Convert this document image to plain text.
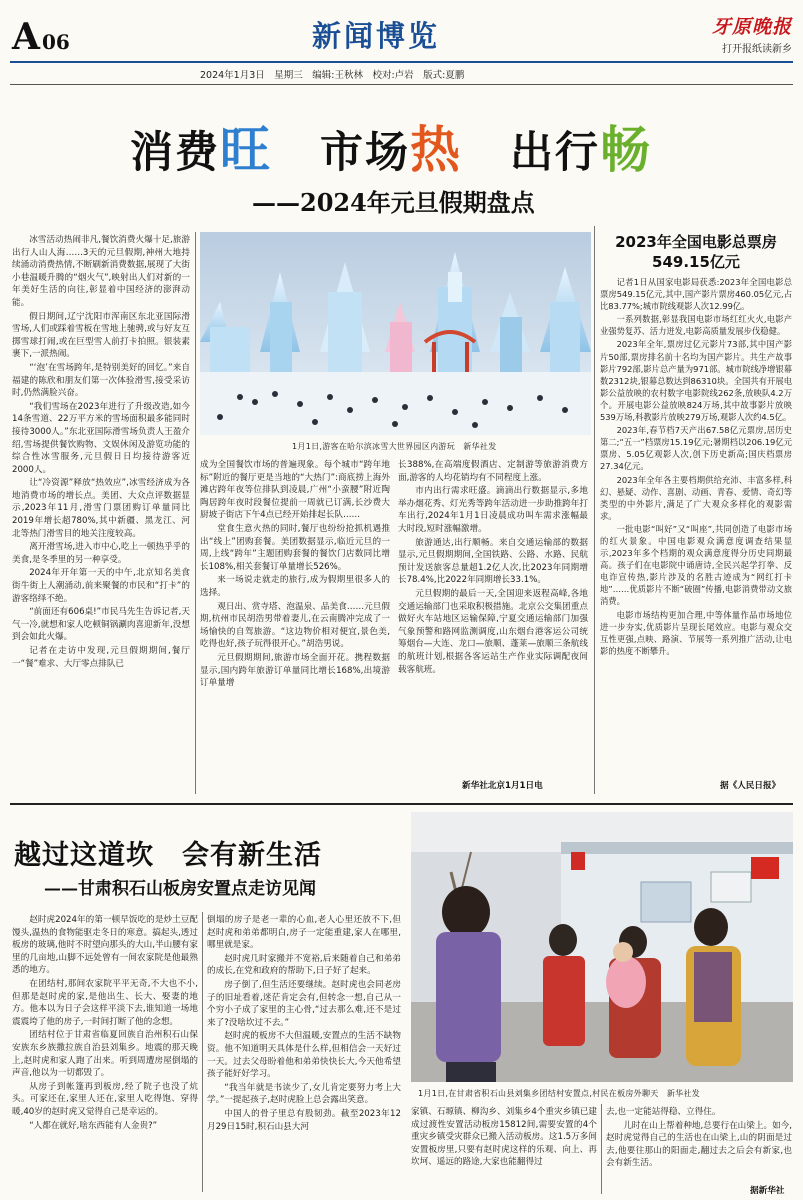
A 06	新闻博览	牙原晚报
打开报纸读新乡
2024年1月3日　星期三　编辑:王秋林　校对:卢岩　版式:夏鹏
消费旺 市场热 出行畅
——2024年元旦假期盘点
1月1日,游客在哈尔滨冰雪大世界园区内游玩　新华社发

冰雪活动热闹非凡,餐饮消费火爆十足,旅游出行人山人海……3天的元旦假期,神州大地持续涌动消费热情,不断刷新消费数据,展现了大街小巷温暖升腾的“烟火气”,映射出人们对新的一年美好生活的向往,彰显着中国经济的澎湃动能。

假日期间,辽宁沈阳市浑南区东北亚国际滑雪场,人们或踩着雪板在雪地上驰骋,或与好友互掷雪球打闹,或在巨型雪人前打卡拍照。银装素裹下,一派热闹。

“‘泡’在雪场跨年,是特别美好的回忆。”来自福建的陈欣和朋友们第一次体验滑雪,接受采访时,仍然满脸兴奋。

“我们雪场在2023年进行了升级改造,如今14条雪道、22万平方米的雪场面积最多能同时接待3000人。”东北亚国际滑雪场负责人王盈介绍,雪场提供餐饮购物、文娱休闲及游览功能的综合性冰雪服务,元旦假日日均接待游客近2000人。

让“冷资源”释放“热效应”,冰雪经济成为各地消费市场的增长点。美团、大众点评数据显示,2023年11月,滑雪门票团购订单量同比2019年增长超780%,其中新疆、黑龙江、河北等热门滑雪目的地关注度较高。

离开滑雪场,进入市中心,吃上一顿热乎乎的美食,是冬季里的另一种享受。

2024年开年第一天的中午,北京知名美食街牛街上人潮涌动,前来聚餐的市民和“打卡”的游客络绎不绝。

“前面还有606桌!”市民马先生告诉记者,天气一冷,就想和家人吃顿铜锅涮肉喜迎新年,没想到会如此火爆。

记者在走访中发现,元旦假期期间,餐厅一“餐”难求、大厅零点排队已

成为全国餐饮市场的普遍现象。每个城市“跨年地标”附近的餐厅更是当地的“大热门”:商底捞上海外滩店跨年夜等位排队到凌晨,广州“小蛮腰”附近陶陶居跨年夜时段餐位提前一周就已订满,长沙费大厨坡子街店下午4点已经开始排起长队……

堂食生意火热的同时,餐厅也纷纷抢抓机遇推出“线上”团购套餐。美团数据显示,临近元旦的一周,上线“跨年”主题团购套餐的餐饮门店数同比增长108%,相关套餐订单量增长526%。

来一场说走就走的旅行,成为假期里很多人的选择。

观日出、赏寺塔、泡温泉、品美食……元旦假期,杭州市民胡浩男带着妻儿,在云南腾冲完成了一场愉快的自驾旅游。“这边物价相对便宜,景色美,吃得也好,孩子玩得很开心。”胡浩男说。

元旦假期期间,旅游市场全面开花。携程数据显示,国内跨年旅游订单量同比增长168%,出境游订单量增

长388%,在高端度假酒店、定制游等旅游消费方面,游客的人均花销均有不同程度上涨。

市内出行需求旺盛。滴滴出行数据显示,多地举办烟花秀、灯光秀等跨年活动进一步助推跨年打车出行,2024年1月1日凌晨成功叫车需求涨幅最大时段,短时涨幅激增。

旅游通达,出行顺畅。来自交通运输部的数据显示,元旦假期期间,全国铁路、公路、水路、民航预计发送旅客总量超1.2亿人次,比2023年同期增长78.4%,比2022年同期增长33.1%。

元旦假期的最后一天,全国迎来返程高峰,各地交通运输部门也采取积极措施。北京公交集团重点做好火车站地区运输保障,宁夏交通运输部门加强气象预警和路网监测调度,山东烟台港客运公司统筹烟台—大连、龙口—旅顺、蓬莱—旅顺三条航线的航班计划,根据各客运站生产作业实际调配夜间载客航班。

新华社北京1月1日电
2023年全国电影总票房549.15亿元

记者1日从国家电影局获悉:2023年全国电影总票房549.15亿元,其中,国产影片票房460.05亿元,占比83.77%;城市院线观影人次12.99亿。

一系列数据,彰显我国电影市场红红火火,电影产业强势复苏、活力迸发,电影高质量发展步伐稳健。

2023年全年,票房过亿元影片73部,其中国产影片50部,票房排名前十名均为国产影片。共生产故事影片792部,影片总产量为971部。城市院线净增银幕数2312块,银幕总数达到86310块。全国共有开展电影公益放映的农村数字电影院线262条,放映队4.2万个。开展电影公益放映824万场,其中故事影片放映539万场,科教影片放映279万场,观影人次约4.5亿。

2023年,春节档7天产出67.58亿元票房,居历史第二;“五一”档票房15.19亿元;暑期档以206.19亿元票房、5.05亿观影人次,创下历史新高;国庆档票房27.34亿元。

2023年全年各主要档期供给充沛、丰富多样,科幻、悬疑、动作、喜剧、动画、青春、爱情、奇幻等类型的中外影片,满足了广大观众多样化的观影需求。

一批电影“叫好”又“叫座”,共同创造了电影市场的红火景象。中国电影观众满意度调查结果显示,2023年多个档期的观众满意度得分历史同期最高。孩子们在电影院中诵唐诗,全民兴起学打拳、反电诈宣传热,影片涉及的名胜古迹成为“网红打卡地”……优质影片不断“破圈”传播,电影消费带动文旅消费。

电影市场结构更加合理,中等体量作品市场地位进一步夯实,优质影片呈现长尾效应。电影与观众交互性更强,点映、路演、节展等一系列推广活动,让电影的热度不断攀升。

据《人民日报》
越过这道坎　会有新生活
——甘肃积石山板房安置点走访见闻

赵时虎2024年的第一顿早饭吃的是炒土豆配馒头,温热的食物能驱走冬日的寒意。搞起头,透过板房的玻璃,他时不时望向那头的大山,半山腰有家里的几亩地,山脚不远处曾有一间农家院是他最熟悉的地方。

在团结村,那间农家院平平无奇,不大也不小,但那是赵时虎的家,是他出生、长大、娶妻的地方。他本以为日子会这样平淡下去,谁知道一场地震震垮了他的房子,一时间打断了他的念想。

团结村位于甘肃省临夏回族自治州积石山保安族东乡族撒拉族自治县刘集乡。地震的那天晚上,赵时虎和家人跑了出来。听到周遭房屋倒塌的声音,他以为一切都毁了。

从房子到帐篷再到板房,经了院子也没了炕头。可家还在,家里人还在,家里人吃得饱、穿得暖,40岁的赵时虎又觉得自己是幸运的。

“人都在就好,啥东西能有人金贵?”

倒塌的房子是老一辈的心血,老人心里还放不下,但赵时虎和弟弟都明白,房子一定能重建,家人在哪里,哪里就是家。

赵时虎几时家搬并不宽裕,后来随着自己和弟弟的成长,在党和政府的帮助下,日子好了起来。

房子倒了,但生活还要继续。赵时虎也会同老房子的旧址看着,迷茫肯定会有,但转念一想,自己从一个穷小子成了家里的主心骨,“过去那么难,还不是过来了?没啥坎过不去。”

赵时虎的板房不大但温暖,安置点的生活不缺物资。他不知道明天具体是什么样,但相信会一天好过一天。过去父母盼着他和弟弟快快长大,今天他希望孩子能好好学习。

“我当年就是书读少了,女儿肯定要努力考上大学。”一提起孩子,赵时虎脸上总会露出笑意。

中国人的骨子里总有股韧劲。截至2023年12月29日15时,积石山县大河

1月1日,在甘肃省积石山县刘集乡团结村安置点,村民在板房外聊天　新华社发

家镇、石塬镇、柳沟乡、刘集乡4个重灾乡镇已建成过渡性安置活动板房15812间,需要安置的4个重灾乡镇受灾群众已搬入活动板房。这1.5万多间安置板房里,只要有赵时虎这样的乐观、向上、再坎坷、遥远的路途,大家也能翻得过

去,也一定能站得稳、立得住。

儿时在山上帮着种地,总要行在山梁上。如今,赵时虎觉得自己的生活也在山梁上,山的阴面是过去,他要往那山的阳面走,翻过去之后会有新家,也会有新生活。

据新华社
